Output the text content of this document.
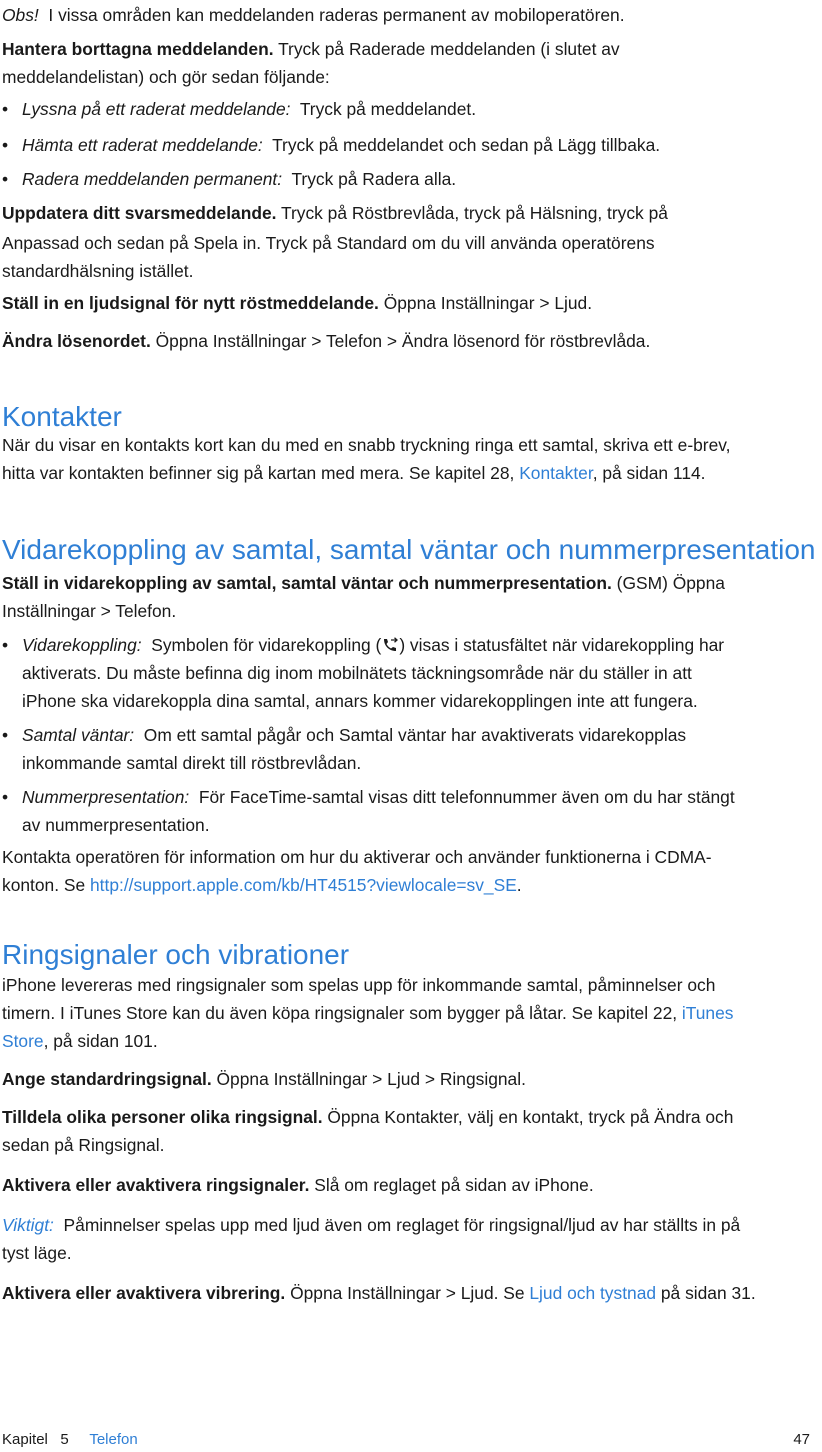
Obs! I vissa områden kan meddelanden raderas permanent av mobiloperatören.

Hantera borttagna meddelanden. Tryck på Raderade meddelanden (i slutet av

meddelandelistan) och gör sedan följande:

• Lyssna på ett raderat meddelande: Tryck på meddelandet.

• Hämta ett raderat meddelande: Tryck på meddelandet och sedan på Lägg tillbaka.

• Radera meddelanden permanent: Tryck på Radera alla.

Uppdatera ditt svarsmeddelande. Tryck på Röstbrevlåda, tryck på Hälsning, tryck på

Anpassad och sedan på Spela in. Tryck på Standard om du vill använda operatörens

standardhälsning istället.

Ställ in en ljudsignal för nytt röstmeddelande. Öppna Inställningar > Ljud.

Ändra lösenordet. Öppna Inställningar > Telefon > Ändra lösenord för röstbrevlåda.

Kontakter

När du visar en kontakts kort kan du med en snabb tryckning ringa ett samtal, skriva ett e-brev,

hitta var kontakten befinner sig på kartan med mera. Se kapitel 28, Kontakter, på sidan 114.

Vidarekoppling av samtal, samtal väntar och nummerpresentation

Ställ in vidarekoppling av samtal, samtal väntar och nummerpresentation. (GSM) Öppna

Inställningar > Telefon.

• Vidarekoppling: Symbolen för vidarekoppling ( ) visas i statusfältet när vidarekoppling har

aktiverats. Du måste befinna dig inom mobilnätets täckningsområde när du ställer in att

iPhone ska vidarekoppla dina samtal, annars kommer vidarekopplingen inte att fungera.

• Samtal väntar: Om ett samtal pågår och Samtal väntar har avaktiverats vidarekopplas

inkommande samtal direkt till röstbrevlådan.

• Nummerpresentation: För FaceTime-samtal visas ditt telefonnummer även om du har stängt

av nummerpresentation.

Kontakta operatören för information om hur du aktiverar och använder funktionerna i CDMA-

konton. Se http://support.apple.com/kb/HT4515?viewlocale=sv_SE.

Ringsignaler och vibrationer

iPhone levereras med ringsignaler som spelas upp för inkommande samtal, påminnelser och

timern. I iTunes Store kan du även köpa ringsignaler som bygger på låtar. Se kapitel 22, iTunes

Store, på sidan 101.

Ange standardringsignal. Öppna Inställningar > Ljud > Ringsignal.

Tilldela olika personer olika ringsignal. Öppna Kontakter, välj en kontakt, tryck på Ändra och

sedan på Ringsignal.

Aktivera eller avaktivera ringsignaler. Slå om reglaget på sidan av iPhone.

Viktigt: Påminnelser spelas upp med ljud även om reglaget för ringsignal/ljud av har ställts in på

tyst läge.

Aktivera eller avaktivera vibrering. Öppna Inställningar > Ljud. Se Ljud och tystnad på sidan 31.

Kapitel 5 Telefon	47
